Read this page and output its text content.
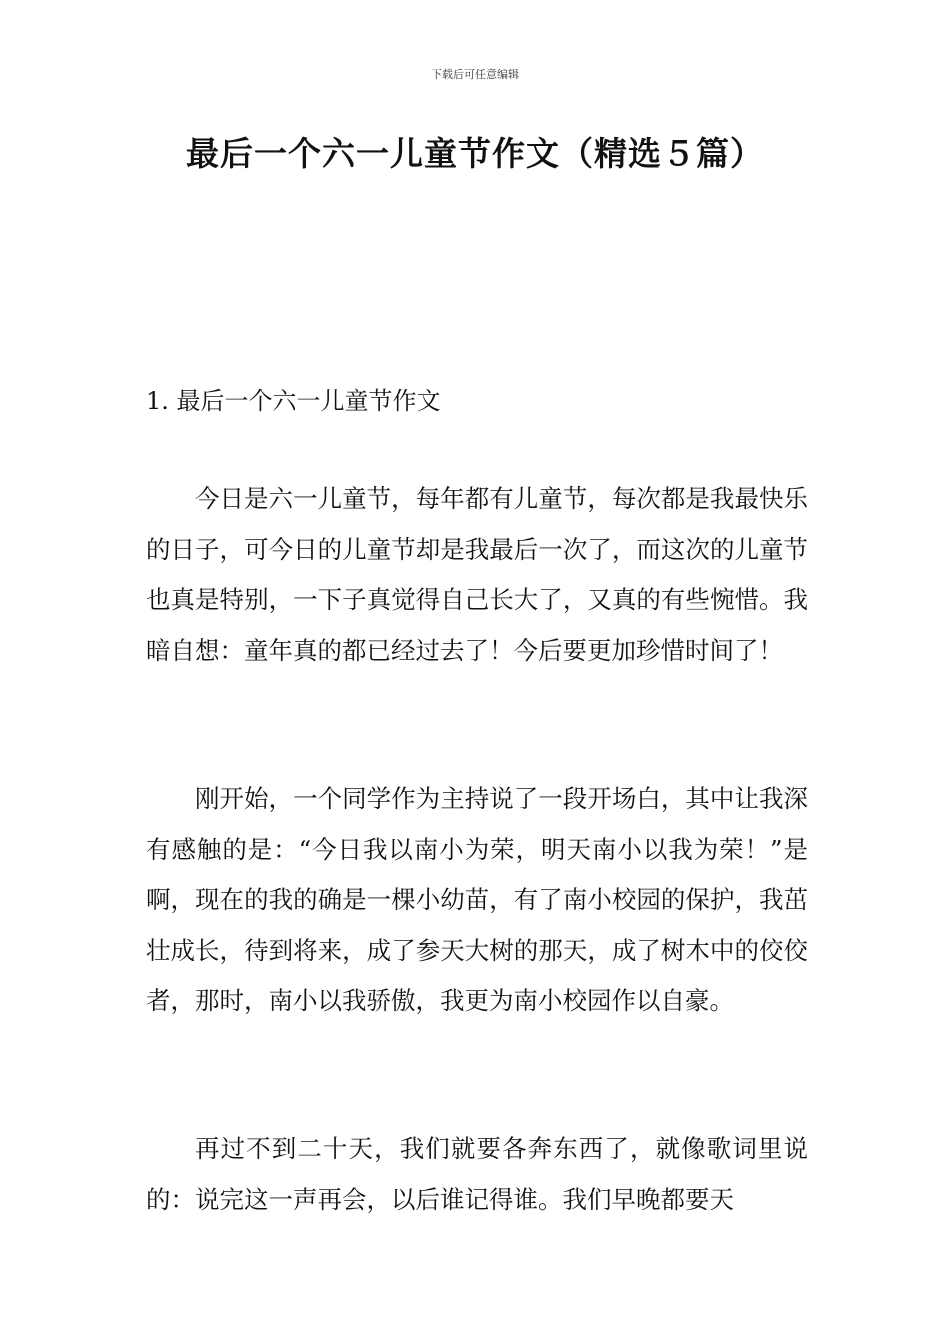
下载后可任意编辑
最后一个六一儿童节作文（精选５篇）
1. 最后一个六一儿童节作文

今日是六一儿童节，每年都有儿童节，每次都是我最快乐的日子，可今日的儿童节却是我最后一次了，而这次的儿童节也真是特别，一下子真觉得自己长大了，又真的有些惋惜。我暗自想：童年真的都已经过去了！今后要更加珍惜时间了！

刚开始，一个同学作为主持说了一段开场白，其中让我深有感触的是：“今日我以南小为荣，明天南小以我为荣！”是啊，现在的我的确是一棵小幼苗，有了南小校园的保护，我茁壮成长，待到将来，成了参天大树的那天，成了树木中的佼佼者，那时，南小以我骄傲，我更为南小校园作以自豪。

再过不到二十天，我们就要各奔东西了，就像歌词里说的：说完这一声再会，以后谁记得谁。我们早晚都要天
